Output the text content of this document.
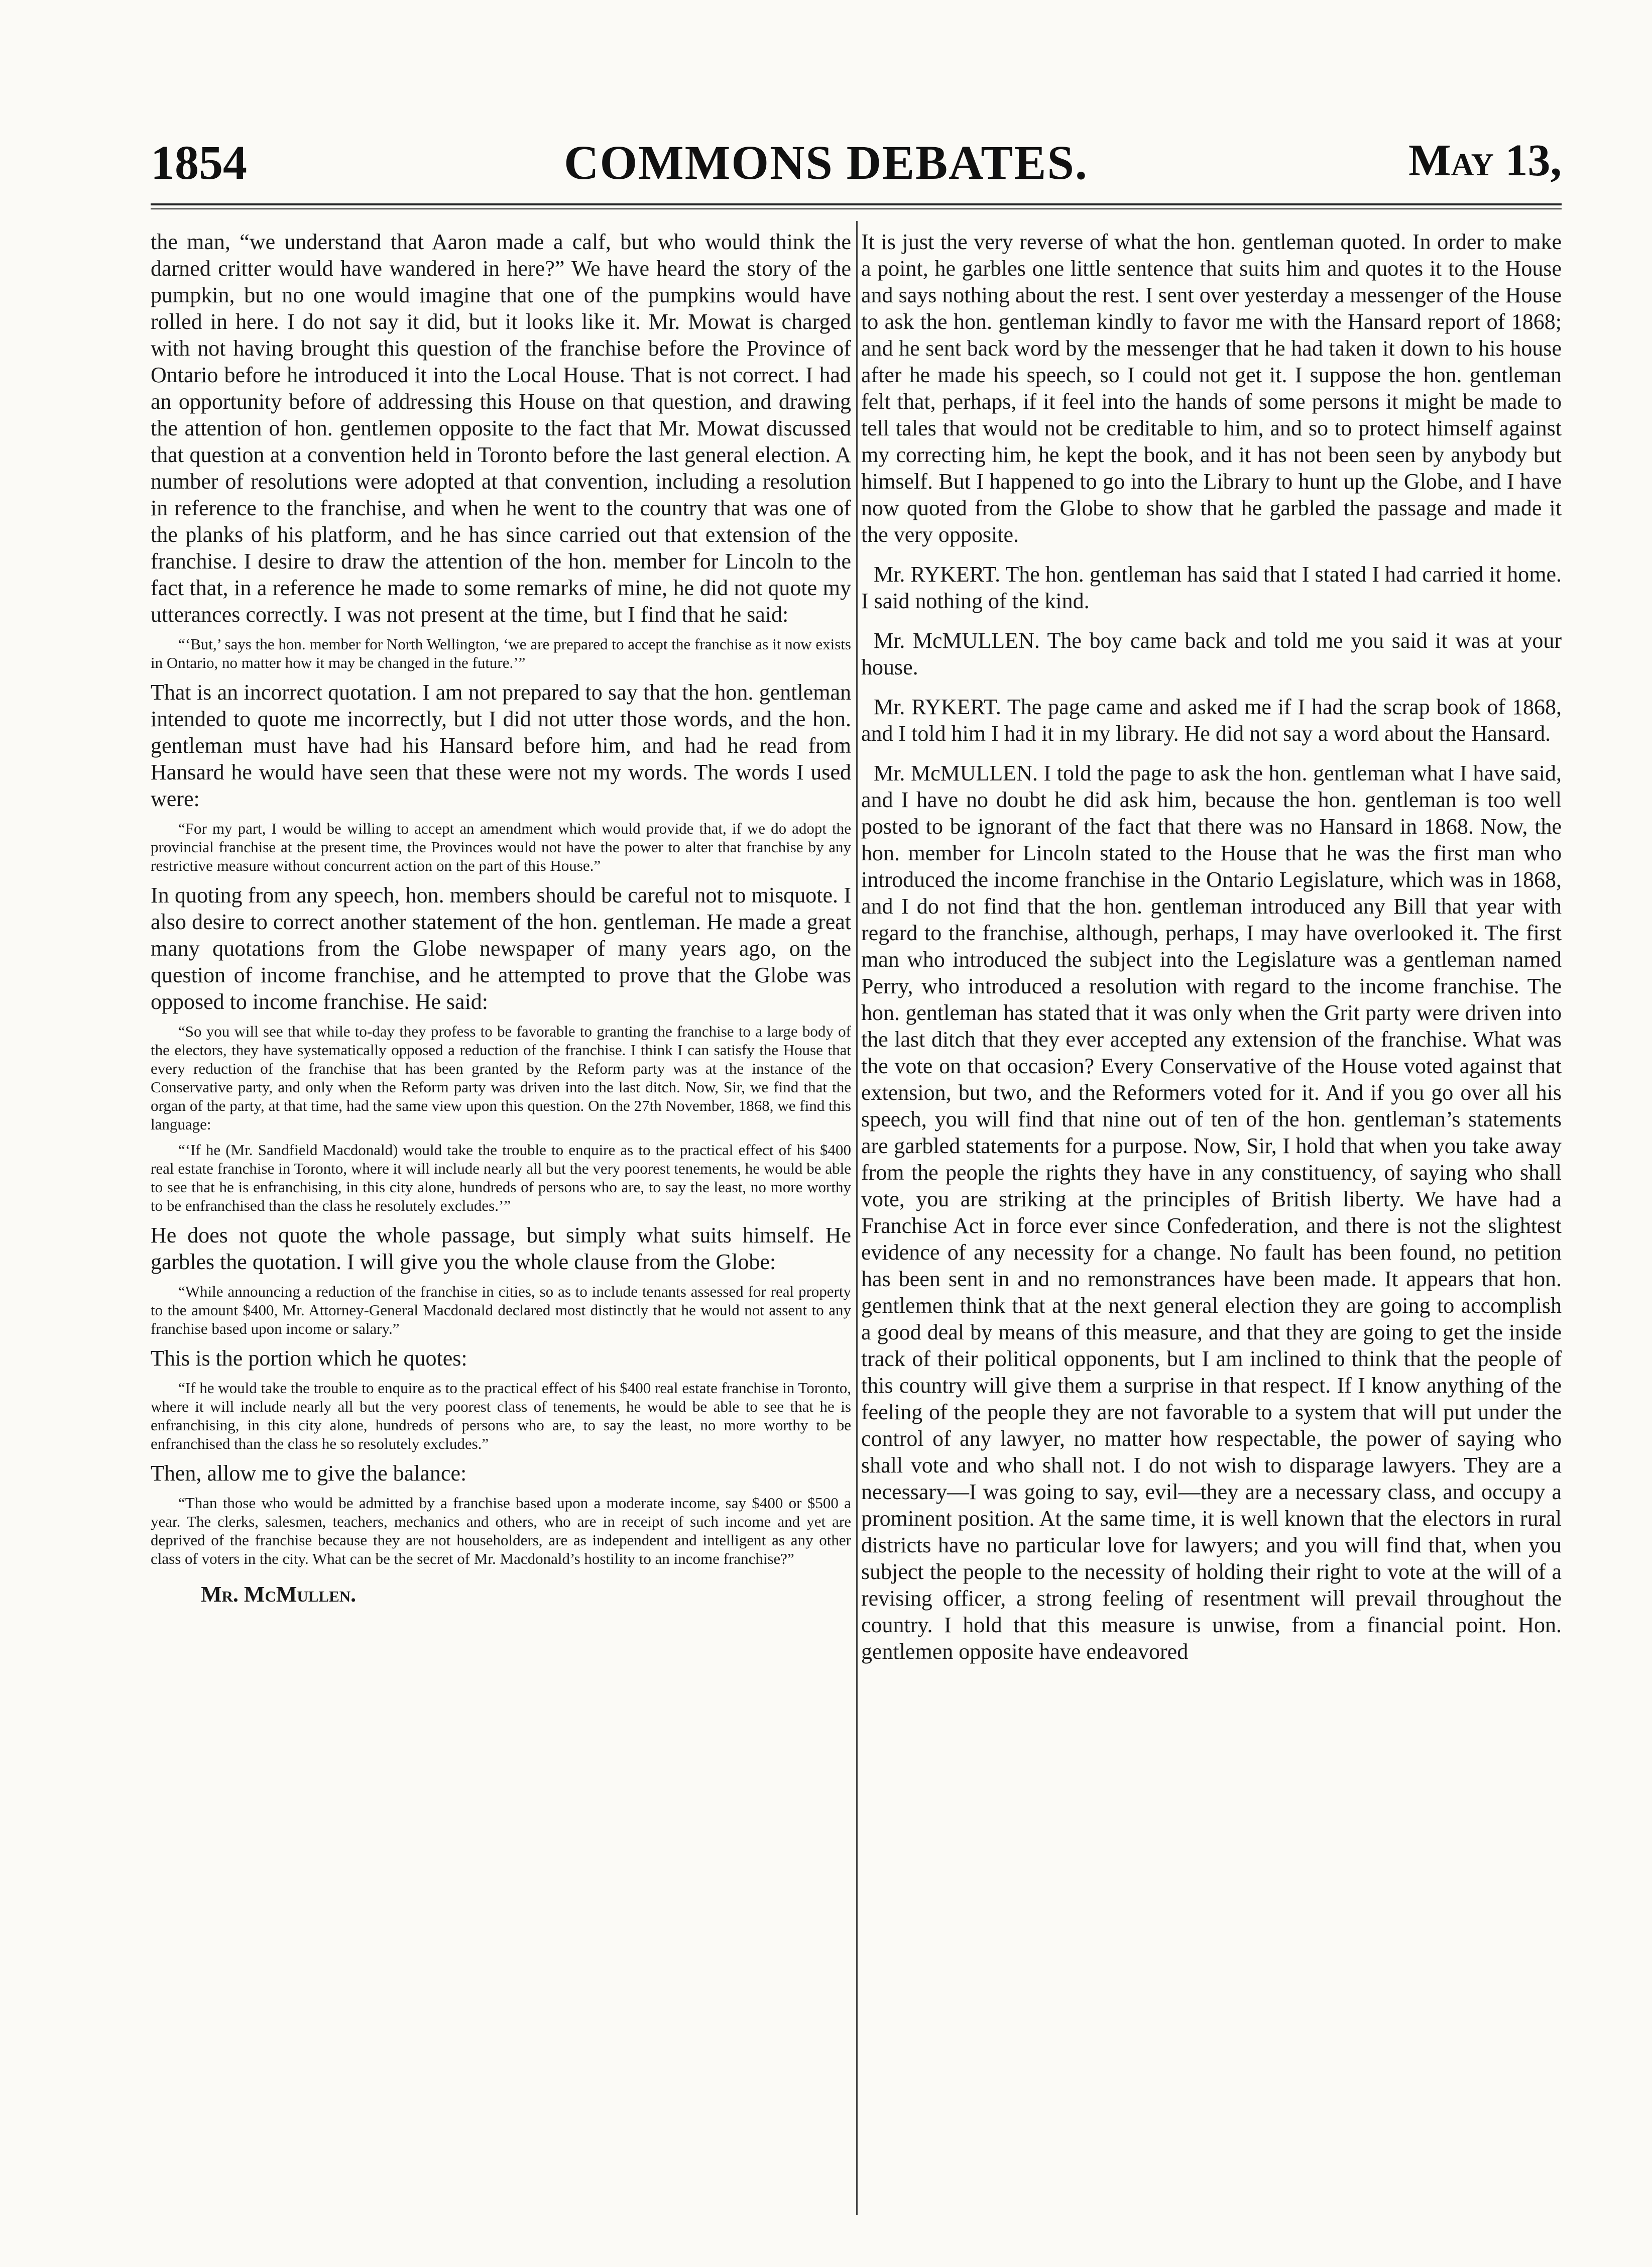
1854	COMMONS DEBATES.	May 13,

the man, “we understand that Aaron made a calf, but who would think the darned critter would have wandered in here?” We have heard the story of the pumpkin, but no one would imagine that one of the pumpkins would have rolled in here. I do not say it did, but it looks like it. Mr. Mowat is charged with not having brought this question of the franchise before the Province of Ontario before he introduced it into the Local House. That is not correct. I had an opportunity before of addressing this House on that question, and drawing the attention of hon. gentlemen opposite to the fact that Mr. Mowat discussed that question at a convention held in Toronto before the last general election. A number of resolutions were adopted at that convention, including a resolution in reference to the franchise, and when he went to the country that was one of the planks of his platform, and he has since carried out that extension of the franchise. I desire to draw the attention of the hon. member for Lincoln to the fact that, in a reference he made to some remarks of mine, he did not quote my utterances correctly. I was not present at the time, but I find that he said:

“‘But,’ says the hon. member for North Wellington, ‘we are prepared to accept the franchise as it now exists in Ontario, no matter how it may be changed in the future.’”

That is an incorrect quotation. I am not prepared to say that the hon. gentleman intended to quote me incorrectly, but I did not utter those words, and the hon. gentleman must have had his Hansard before him, and had he read from Hansard he would have seen that these were not my words. The words I used were:

“For my part, I would be willing to accept an amendment which would provide that, if we do adopt the provincial franchise at the present time, the Provinces would not have the power to alter that franchise by any restrictive measure without concurrent action on the part of this House.”

In quoting from any speech, hon. members should be careful not to misquote. I also desire to correct another statement of the hon. gentleman. He made a great many quotations from the Globe newspaper of many years ago, on the question of income franchise, and he attempted to prove that the Globe was opposed to income franchise. He said:

“So you will see that while to-day they profess to be favorable to granting the franchise to a large body of the electors, they have systematically opposed a reduction of the franchise. I think I can satisfy the House that every reduction of the franchise that has been granted by the Reform party was at the instance of the Conservative party, and only when the Reform party was driven into the last ditch. Now, Sir, we find that the organ of the party, at that time, had the same view upon this question. On the 27th November, 1868, we find this language:

“‘If he (Mr. Sandfield Macdonald) would take the trouble to enquire as to the practical effect of his $400 real estate franchise in Toronto, where it will include nearly all but the very poorest tenements, he would be able to see that he is enfranchising, in this city alone, hundreds of persons who are, to say the least, no more worthy to be enfranchised than the class he resolutely excludes.’”

He does not quote the whole passage, but simply what suits himself. He garbles the quotation. I will give you the whole clause from the Globe:

“While announcing a reduction of the franchise in cities, so as to include tenants assessed for real property to the amount $400, Mr. Attorney-General Macdonald declared most distinctly that he would not assent to any franchise based upon income or salary.”

This is the portion which he quotes:

“If he would take the trouble to enquire as to the practical effect of his $400 real estate franchise in Toronto, where it will include nearly all but the very poorest class of tenements, he would be able to see that he is enfranchising, in this city alone, hundreds of persons who are, to say the least, no more worthy to be enfranchised than the class he so resolutely excludes.”

Then, allow me to give the balance:

“Than those who would be admitted by a franchise based upon a moderate income, say $400 or $500 a year. The clerks, salesmen, teachers, mechanics and others, who are in receipt of such income and yet are deprived of the franchise because they are not householders, are as independent and intelligent as any other class of voters in the city. What can be the secret of Mr. Macdonald’s hostility to an income franchise?”

Mr. McMullen.

It is just the very reverse of what the hon. gentleman quoted. In order to make a point, he garbles one little sentence that suits him and quotes it to the House and says nothing about the rest. I sent over yesterday a messenger of the House to ask the hon. gentleman kindly to favor me with the Hansard report of 1868; and he sent back word by the messenger that he had taken it down to his house after he made his speech, so I could not get it. I suppose the hon. gentleman felt that, perhaps, if it feel into the hands of some persons it might be made to tell tales that would not be creditable to him, and so to protect himself against my correcting him, he kept the book, and it has not been seen by anybody but himself. But I happened to go into the Library to hunt up the Globe, and I have now quoted from the Globe to show that he garbled the passage and made it the very opposite.

Mr. RYKERT. The hon. gentleman has said that I stated I had carried it home. I said nothing of the kind.

Mr. McMULLEN. The boy came back and told me you said it was at your house.

Mr. RYKERT. The page came and asked me if I had the scrap book of 1868, and I told him I had it in my library. He did not say a word about the Hansard.

Mr. McMULLEN. I told the page to ask the hon. gentleman what I have said, and I have no doubt he did ask him, because the hon. gentleman is too well posted to be ignorant of the fact that there was no Hansard in 1868. Now, the hon. member for Lincoln stated to the House that he was the first man who introduced the income franchise in the Ontario Legislature, which was in 1868, and I do not find that the hon. gentleman introduced any Bill that year with regard to the franchise, although, perhaps, I may have overlooked it. The first man who introduced the subject into the Legislature was a gentleman named Perry, who introduced a resolution with regard to the income franchise. The hon. gentleman has stated that it was only when the Grit party were driven into the last ditch that they ever accepted any extension of the franchise. What was the vote on that occasion? Every Conservative of the House voted against that extension, but two, and the Reformers voted for it. And if you go over all his speech, you will find that nine out of ten of the hon. gentleman’s statements are garbled statements for a purpose. Now, Sir, I hold that when you take away from the people the rights they have in any constituency, of saying who shall vote, you are striking at the principles of British liberty. We have had a Franchise Act in force ever since Confederation, and there is not the slightest evidence of any necessity for a change. No fault has been found, no petition has been sent in and no remonstrances have been made. It appears that hon. gentlemen think that at the next general election they are going to accomplish a good deal by means of this measure, and that they are going to get the inside track of their political opponents, but I am inclined to think that the people of this country will give them a surprise in that respect. If I know anything of the feeling of the people they are not favorable to a system that will put under the control of any lawyer, no matter how respectable, the power of saying who shall vote and who shall not. I do not wish to disparage lawyers. They are a necessary—I was going to say, evil—they are a necessary class, and occupy a prominent position. At the same time, it is well known that the electors in rural districts have no particular love for lawyers; and you will find that, when you subject the people to the necessity of holding their right to vote at the will of a revising officer, a strong feeling of resentment will prevail throughout the country. I hold that this measure is unwise, from a financial point. Hon. gentlemen opposite have endeavored
